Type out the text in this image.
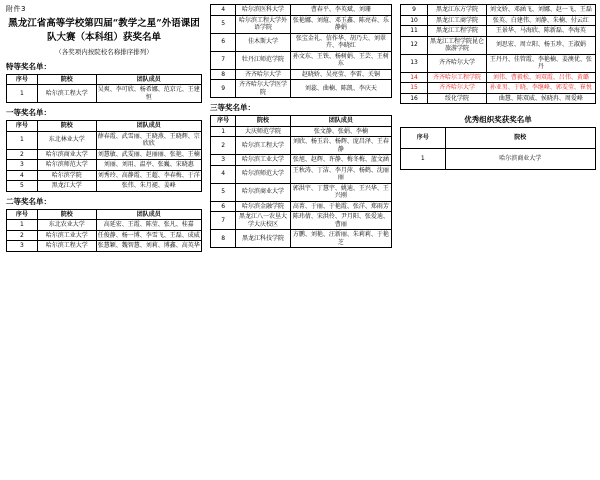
附件3
黑龙江省高等学校第四届“教学之星”外语课团队大赛（本科组）获奖名单
（各奖项内按院校名称排序排列）
特等奖名单：
序号	院校	团队成员
1	哈尔滨工程大学	吴爽、李可欣、杨希娜、范京元、王建恒
一等奖名单：
序号	院校	团队成员
1	东北林业大学	薛春霞、武雪丽、王晓燕、王晓辉、宗欣欣
2	哈尔滨商业大学	刘慧敏、武雯丽、赵丽丽、张艳、王楠
3	哈尔滨师范大学	刘丽、刘用、温亭、张巍、宋晓惠
4	哈尔滨学院	刘秀玲、高静霞、王超、李春梅、于洋
5	黑龙江大学	张伟、朱月褪、姜峰
二等奖名单：
序号	院校	团队成员
1	东北农业大学	高延宏、王霞、陈莹、张凡、桂嘉
2	哈尔滨工业大学	任俊静、杨一博、李雪飞、王磊、成威
3	哈尔滨工程大学	张慧颖、魏智慧、刘莉、博鑫、高英华
4	哈尔滨医科大学	曹春平、李英斌、刘珊
5	哈尔滨工程大学外语学院	张艳娜、刘煊、邓玉鑫、陈亮春、乐静娟
6	佳木斯大学	张宝金礼、信作华、胡乃夫、刘翠卉、李晓红
7	牡丹江师范学院	孙文东、王铁、杨树娟、王芸、王树东
8	齐齐哈尔大学	赵晓娇、吴亮莹、李雷、关铜
9	齐齐哈尔大学医学院	刘蕊、曲楠、陈凯、李庆天
三等奖名单：
序号	院校	团队成员
1	大庆师范学院	张文静、张娟、李楠
2	哈尔滨工程大学	刘欣、杨玉岩、杨辉、庞昌泽、王春静
3	哈尔滨工业大学	张旭、赵辉、许静、梅冬梅、蓝文涵
4	哈尔滨师范大学	王秋涛、丁洁、李月萍、杨鹤、沈丽丽
5	哈尔滨商业大学	郭洪宇、丁慧宇、姚迪、王兴华、王兴刚
6	哈尔滨金融学院	高菁、于丽、于艳霞、张洋、郑雨芳
7	黑龙江八一农垦大学大庆校区	陈玮倩、宋洪伶、尹月阳、张爱迪、曹丽
8	黑龙江科技学院	方鹏、刘艳、汪新丽、朱莉莉、于艳芝
9	黑龙江东方学院	刘文娇、邓涵飞、刘娜、赵一飞、王磊
10	黑龙江工商学院	张英、白建伟、刘静、朱楠、付云红
11	黑龙江工程学院	王景华、马海欣、陈新磊、李海英
12	黑龙江工程学院昆仑旅游学院	刘思宏、周立阳、杨玉珍、王淑娟
13	齐齐哈尔大学	王丹丹、佳管霞、李艳楠、姜澳优、张丹
14	齐齐哈尔工程学院	刘伟、曹毅松、刘双霞、吕伟、黄璐
15	齐齐哈尔大学	孙亚男、于晓、李继峰、郭雯莹、崔悦
16	绥化学院	曲慧、陈双威、侯晓冉、周爱峰
优秀组织奖获奖名单
序号	院校
1	哈尔滨商业大学
